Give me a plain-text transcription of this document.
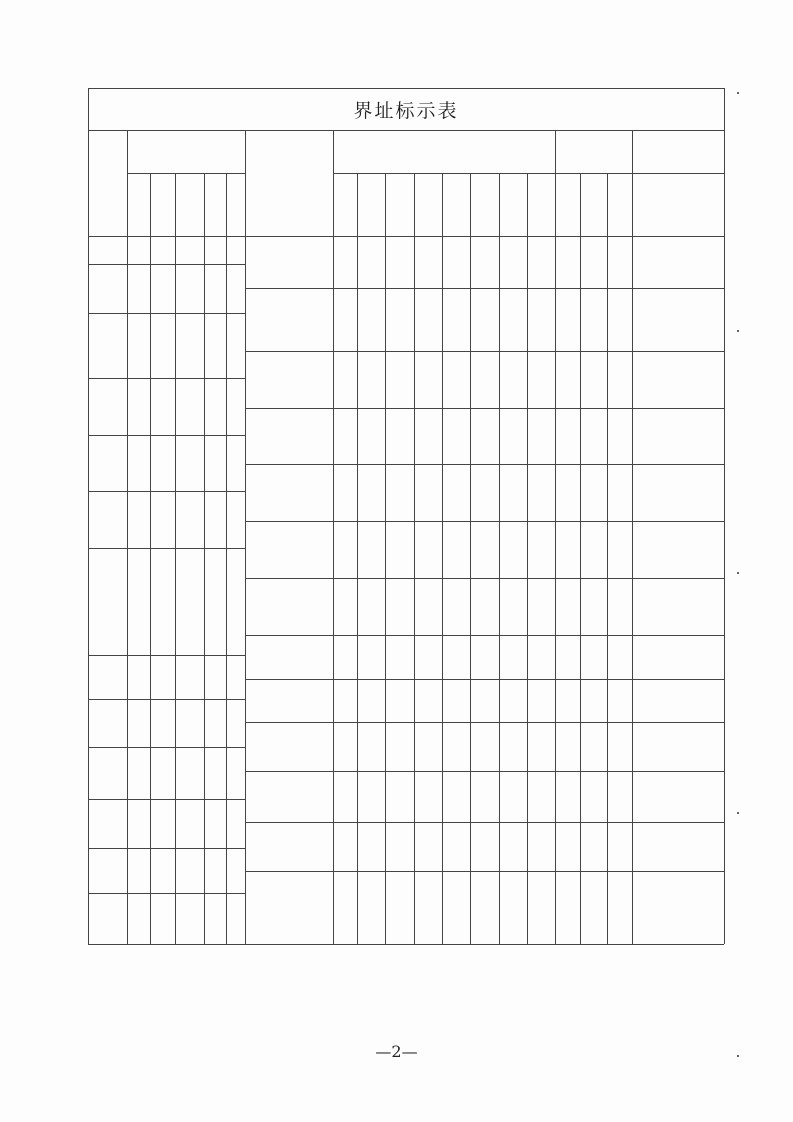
界址标示表
—2—
